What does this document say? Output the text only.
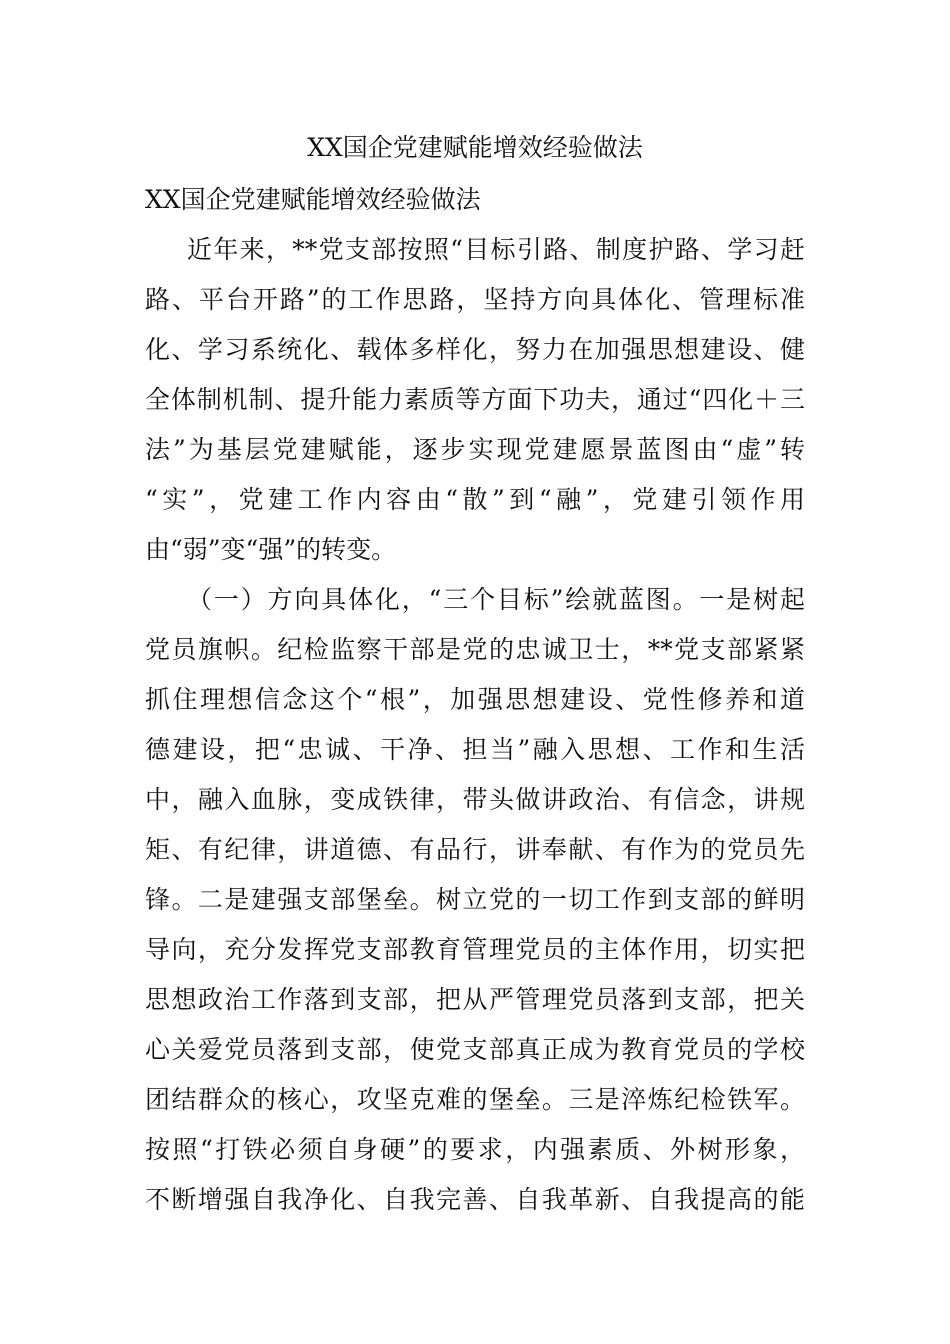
XX国企党建赋能增效经验做法
XX国企党建赋能增效经验做法
近年来，**党支部按照“目标引路、制度护路、学习赶
路、平台开路”的工作思路，坚持方向具体化、管理标准
化、学习系统化、载体多样化，努力在加强思想建设、健
全体制机制、提升能力素质等方面下功夫，通过“四化＋三
法”为基层党建赋能，逐步实现党建愿景蓝图由“虚”转
“实”，党建工作内容由“散”到“融”，党建引领作用
由“弱”变“强”的转变。
（一）方向具体化，“三个目标”绘就蓝图。一是树起
党员旗帜。纪检监察干部是党的忠诚卫士，**党支部紧紧
抓住理想信念这个“根”，加强思想建设、党性修养和道
德建设，把“忠诚、干净、担当”融入思想、工作和生活
中，融入血脉，变成铁律，带头做讲政治、有信念，讲规
矩、有纪律，讲道德、有品行，讲奉献、有作为的党员先
锋。二是建强支部堡垒。树立党的一切工作到支部的鲜明
导向，充分发挥党支部教育管理党员的主体作用，切实把
思想政治工作落到支部，把从严管理党员落到支部，把关
心关爱党员落到支部，使党支部真正成为教育党员的学校
团结群众的核心，攻坚克难的堡垒。三是淬炼纪检铁军。
按照“打铁必须自身硬”的要求，内强素质、外树形象，
不断增强自我净化、自我完善、自我革新、自我提高的能
